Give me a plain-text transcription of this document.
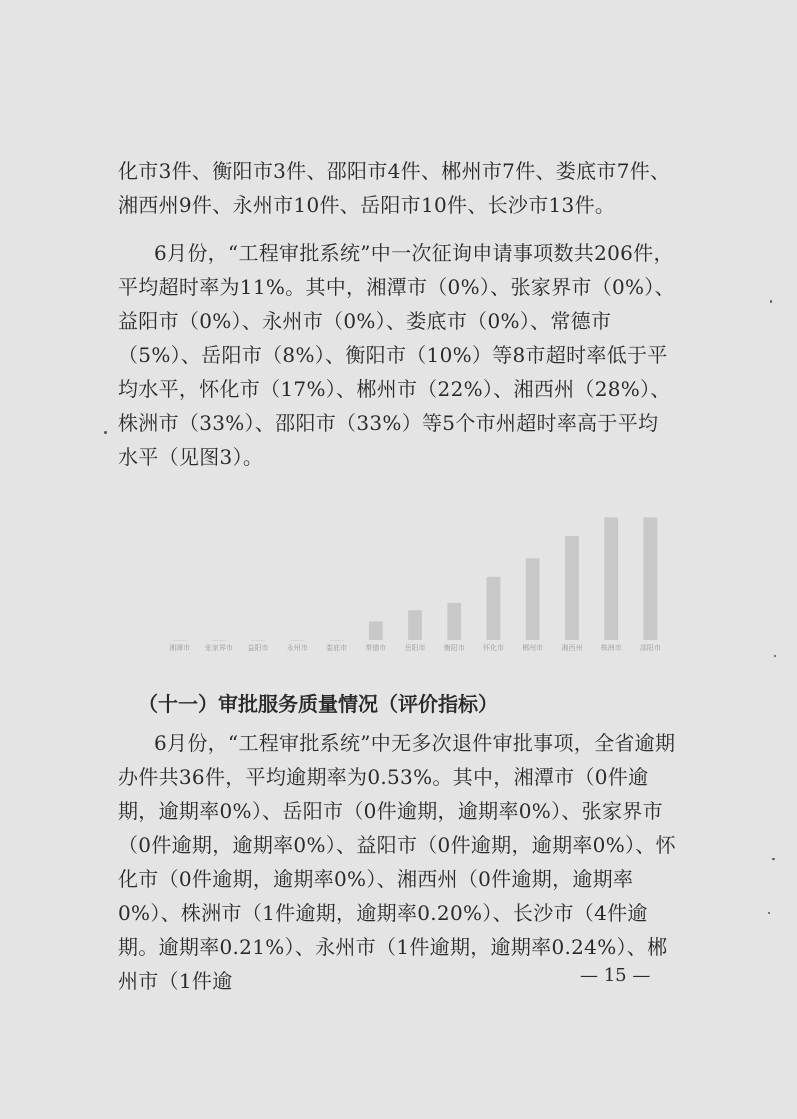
化市3件、衡阳市3件、邵阳市4件、郴州市7件、娄底市7件、湘西州9件、永州市10件、岳阳市10件、长沙市13件。

6月份，“工程审批系统”中一次征询申请事项数共206件，平均超时率为11%。其中，湘潭市（0%）、张家界市（0%）、益阳市（0%）、永州市（0%）、娄底市（0%）、常德市（5%）、岳阳市（8%）、衡阳市（10%）等8市超时率低于平均水平，怀化市（17%）、郴州市（22%）、湘西州（28%）、株洲市（33%）、邵阳市（33%）等5个市州超时率高于平均水平（见图3）。

湘潭市 张家界市 益阳市	永州市	娄底市	常德市	岳阳市	衡阳市	怀化市	郴州市	湘西州	株洲市	邵阳市

（十一）审批服务质量情况（评价指标）

6月份，“工程审批系统”中无多次退件审批事项，全省逾期办件共36件，平均逾期率为0.53%。其中，湘潭市（0件逾期，逾期率0%）、岳阳市（0件逾期，逾期率0%）、张家界市（0件逾期，逾期率0%）、益阳市（0件逾期，逾期率0%）、怀化市（0件逾期，逾期率0%）、湘西州（0件逾期，逾期率0%）、株洲市（1件逾期，逾期率0.20%）、长沙市（4件逾期。逾期率0.21%）、永州市（1件逾期，逾期率0.24%）、郴州市（1件逾	— 15 —
